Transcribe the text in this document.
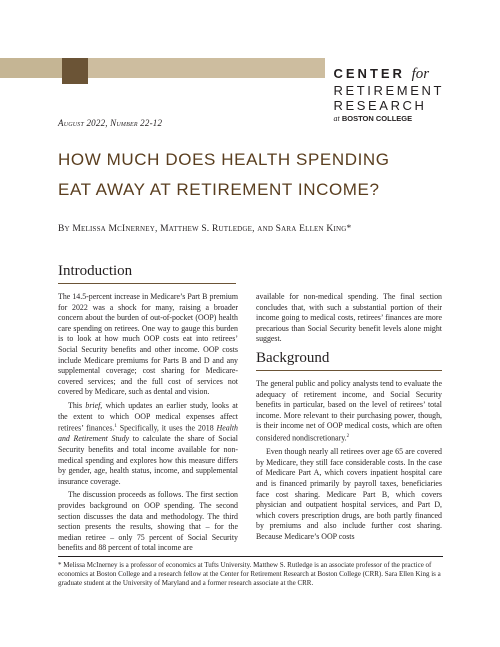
CENTER for
RETIREMENT
RESEARCH
at BOSTON COLLEGE
August 2022, Number 22-12
HOW MUCH DOES HEALTH SPENDING
EAT AWAY AT RETIREMENT INCOME?
By Melissa McInerney, Matthew S. Rutledge, and Sara Ellen King*
Introduction

The 14.5-percent increase in Medicare’s Part B premium for 2022 was a shock for many, raising a broader concern about the burden of out-of-pocket (OOP) health care spending on retirees. One way to gauge this burden is to look at how much OOP costs eat into retirees’ Social Security benefits and other income. OOP costs include Medicare premiums for Parts B and D and any supplemental coverage; cost sharing for Medicare-covered services; and the full cost of services not covered by Medicare, such as dental and vision.

This brief, which updates an earlier study, looks at the extent to which OOP medical expenses affect retirees’ finances.$^1$ Specifically, it uses the 2018 Health and Retirement Study to calculate the share of Social Security benefits and total income available for non-medical spending and explores how this measure differs by gender, age, health status, income, and supplemental insurance coverage.

The discussion proceeds as follows. The first section provides background on OOP spending. The second section discusses the data and methodology. The third section presents the results, showing that – for the median retiree – only 75 percent of Social Security benefits and 88 percent of total income are

available for non-medical spending. The final section concludes that, with such a substantial portion of their income going to medical costs, retirees’ finances are more precarious than Social Security benefit levels alone might suggest.

Background

The general public and policy analysts tend to evaluate the adequacy of retirement income, and Social Security benefits in particular, based on the level of retirees’ total income. More relevant to their purchasing power, though, is their income net of OOP medical costs, which are often considered nondiscretionary.$^2$

Even though nearly all retirees over age 65 are covered by Medicare, they still face considerable costs. In the case of Medicare Part A, which covers inpatient hospital care and is financed primarily by payroll taxes, beneficiaries face cost sharing. Medicare Part B, which covers physician and outpatient hospital services, and Part D, which covers prescription drugs, are both partly financed by premiums and also include further cost sharing. Because Medicare’s OOP costs

* Melissa McInerney is a professor of economics at Tufts University. Matthew S. Rutledge is an associate professor of the practice of economics at Boston College and a research fellow at the Center for Retirement Research at Boston College (CRR). Sara Ellen King is a graduate student at the University of Maryland and a former research associate at the CRR.
